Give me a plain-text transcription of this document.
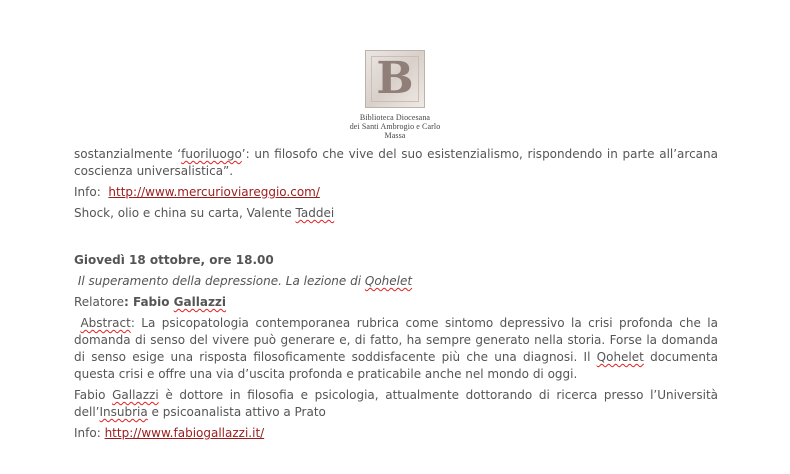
B
Biblioteca Diocesana
dei Santi Ambrogio e Carlo
Massa

sostanzialmente ‘fuoriluogo’: un filosofo che vive del suo esistenzialismo, rispondendo in parte all’arcana coscienza universalistica”.

Info:  http://www.mercurioviareggio.com/

Shock, olio e china su carta, Valente Taddei

Giovedì 18 ottobre, ore 18.00

Il superamento della depressione. La lezione di Qohelet

Relatore: Fabio Gallazzi

Abstract: La psicopatologia contemporanea rubrica come sintomo depressivo la crisi profonda che la domanda di senso del vivere può generare e, di fatto, ha sempre generato nella storia. Forse la domanda di senso esige una risposta filosoficamente soddisfacente più che una diagnosi. Il Qohelet documenta questa crisi e offre una via d’uscita profonda e praticabile anche nel mondo di oggi.

Fabio Gallazzi è dottore in filosofia e psicologia, attualmente dottorando di ricerca presso l’Università dell’Insubria e psicoanalista attivo a Prato

Info: http://www.fabiogallazzi.it/
